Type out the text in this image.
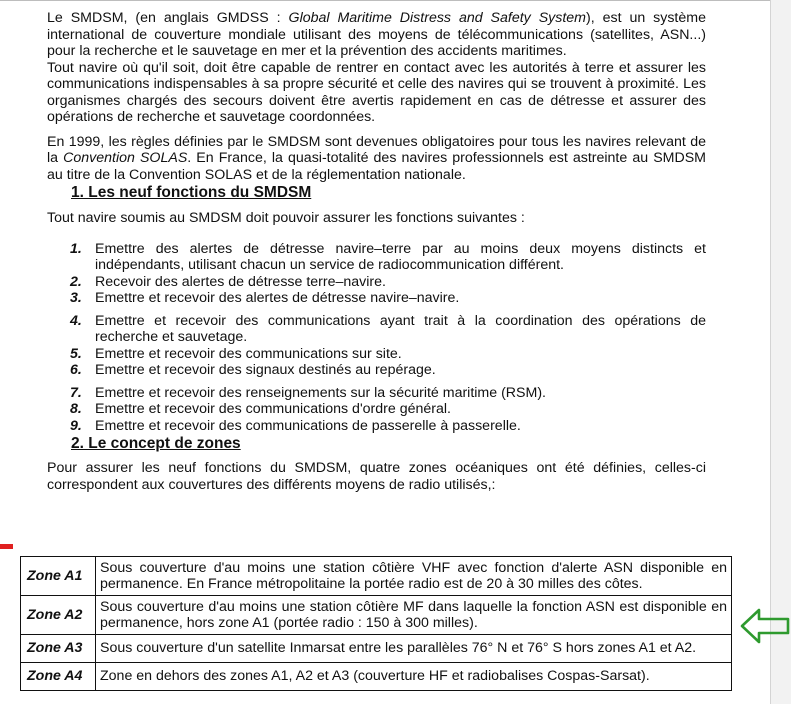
Le SMDSM, (en anglais GMDSS : Global Maritime Distress and Safety System), est un système international de couverture mondiale utilisant des moyens de télécommunications (satellites, ASN...) pour la recherche et le sauvetage en mer et la prévention des accidents maritimes.
Tout navire où qu'il soit, doit être capable de rentrer en contact avec les autorités à terre et assurer les communications indispensables à sa propre sécurité et celle des navires qui se trouvent à proximité. Les organismes chargés des secours doivent être avertis rapidement en cas de détresse et assurer des opérations de recherche et sauvetage coordonnées.

En 1999, les règles définies par le SMDSM sont devenues obligatoires pour tous les navires relevant de la Convention SOLAS. En France, la quasi-totalité des navires professionnels est astreinte au SMDSM au titre de la Convention SOLAS et de la réglementation nationale.

1. Les neuf fonctions du SMDSM

Tout navire soumis au SMDSM doit pouvoir assurer les fonctions suivantes :

1. Emettre des alertes de détresse navire–terre par au moins deux moyens distincts et indépendants, utilisant chacun un service de radiocommunication différent.
2. Recevoir des alertes de détresse terre–navire.
3. Emettre et recevoir des alertes de détresse navire–navire.
4. Emettre et recevoir des communications ayant trait à la coordination des opérations de recherche et sauvetage.
5. Emettre et recevoir des communications sur site.
6. Emettre et recevoir des signaux destinés au repérage.
7. Emettre et recevoir des renseignements sur la sécurité maritime (RSM).
8. Emettre et recevoir des communications d'ordre général.
9. Emettre et recevoir des communications de passerelle à passerelle.
2. Le concept de zones

Pour assurer les neuf fonctions du SMDSM, quatre zones océaniques ont été définies, celles-ci correspondent aux couvertures des différents moyens de radio utilisés,:

Zone A1	Sous couverture d'au moins une station côtière VHF avec fonction d'alerte ASN disponible en permanence. En France métropolitaine la portée radio est de 20 à 30 milles des côtes.
Zone A2	Sous couverture d'au moins une station côtière MF dans laquelle la fonction ASN est disponible en permanence, hors zone A1 (portée radio : 150 à 300 milles).
Zone A3	Sous couverture d'un satellite Inmarsat entre les parallèles 76° N et 76° S hors zones A1 et A2.
Zone A4	Zone en dehors des zones A1, A2 et A3 (couverture HF et radiobalises Cospas-Sarsat).
